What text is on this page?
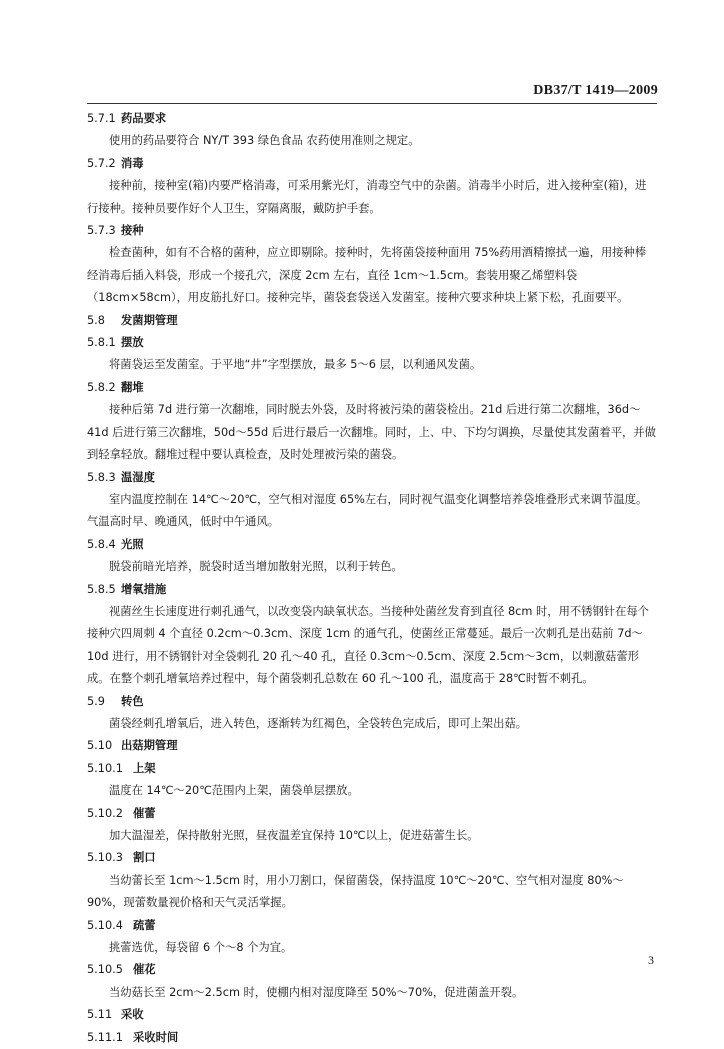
DB37/T 1419—2009
5.7.1 药品要求
使用的药品要符合 NY/T 393 绿色食品 农药使用准则之规定。
5.7.2 消毒
接种前，接种室(箱)内要严格消毒，可采用紫光灯，消毒空气中的杂菌。消毒半小时后，进入接种室(箱)，进行接种。接种员要作好个人卫生，穿隔离服，戴防护手套。
5.7.3 接种
检查菌种，如有不合格的菌种，应立即剔除。接种时，先将菌袋接种面用 75%药用酒精擦拭一遍，用接种棒经消毒后插入料袋，形成一个接孔穴，深度 2cm 左右，直径 1cm～1.5cm。套装用聚乙烯塑料袋（18cm×58cm），用皮筋扎好口。接种完毕，菌袋套袋送入发菌室。接种穴要求种块上紧下松，孔面要平。
5.8 发菌期管理
5.8.1 摆放
将菌袋运至发菌室。于平地“井”字型摆放，最多 5～6 层，以利通风发菌。
5.8.2 翻堆
接种后第 7d 进行第一次翻堆，同时脱去外袋，及时将被污染的菌袋检出。21d 后进行第二次翻堆，36d～41d 后进行第三次翻堆，50d～55d 后进行最后一次翻堆。同时，上、中、下均匀调换，尽量使其发菌着平，并做到轻拿轻放。翻堆过程中要认真检查，及时处理被污染的菌袋。
5.8.3 温湿度
室内温度控制在 14℃～20℃，空气相对湿度 65%左右，同时视气温变化调整培养袋堆叠形式来调节温度。气温高时早、晚通风，低时中午通风。
5.8.4 光照
脱袋前暗光培养，脱袋时适当增加散射光照，以利于转色。
5.8.5 增氧措施
视菌丝生长速度进行刺孔通气，以改变袋内缺氧状态。当接种处菌丝发育到直径 8cm 时，用不锈钢针在每个接种穴四周刺 4 个直径 0.2cm～0.3cm、深度 1cm 的通气孔，使菌丝正常蔓延。最后一次刺孔是出菇前 7d～10d 进行，用不锈钢针对全袋刺孔 20 孔～40 孔，直径 0.3cm～0.5cm、深度 2.5cm～3cm，以刺激菇蕾形成。在整个刺孔增氧培养过程中，每个菌袋刺孔总数在 60 孔～100 孔，温度高于 28℃时暂不刺孔。
5.9 转色
菌袋经刺孔增氧后，进入转色，逐渐转为红褐色，全袋转色完成后，即可上架出菇。
5.10 出菇期管理
5.10.1 上架
温度在 14℃～20℃范围内上架，菌袋单层摆放。
5.10.2 催蕾
加大温湿差，保持散射光照，昼夜温差宜保持 10℃以上，促进菇蕾生长。
5.10.3 割口
当幼蕾长至 1cm～1.5cm 时，用小刀割口，保留菌袋，保持温度 10℃～20℃、空气相对湿度 80%～90%，现蕾数量视价格和天气灵活掌握。
5.10.4 疏蕾
挑蕾选优，每袋留 6 个～8 个为宜。
5.10.5 催花
当幼菇长至 2cm～2.5cm 时，使棚内相对湿度降至 50%～70%，促进菌盖开裂。
5.11 采收
5.11.1 采收时间
3
